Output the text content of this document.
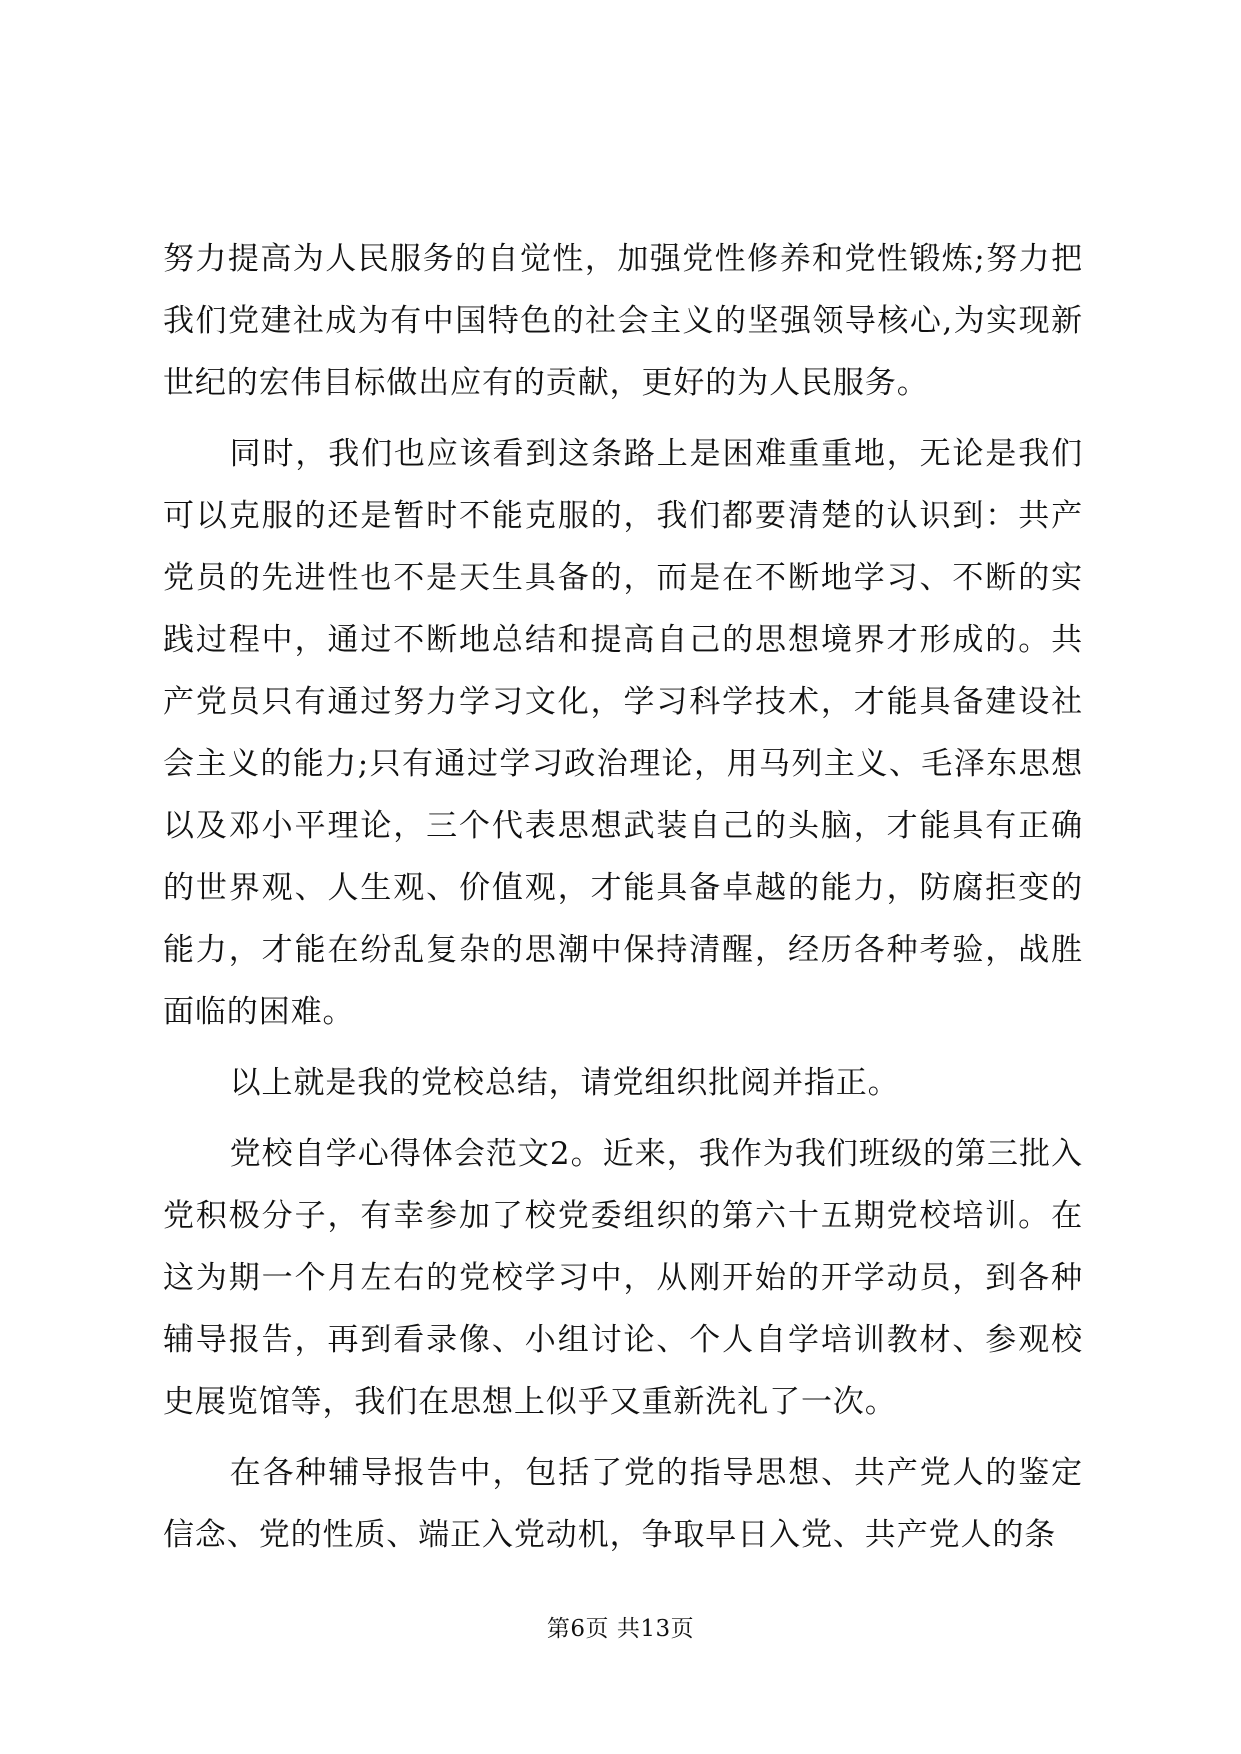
努力提高为人民服务的自觉性，加强党性修养和党性锻炼;努力把我们党建社成为有中国特色的社会主义的坚强领导核心,为实现新世纪的宏伟目标做出应有的贡献，更好的为人民服务。

同时，我们也应该看到这条路上是困难重重地，无论是我们可以克服的还是暂时不能克服的，我们都要清楚的认识到：共产党员的先进性也不是天生具备的，而是在不断地学习、不断的实践过程中，通过不断地总结和提高自己的思想境界才形成的。共产党员只有通过努力学习文化，学习科学技术，才能具备建设社会主义的能力;只有通过学习政治理论，用马列主义、毛泽东思想以及邓小平理论，三个代表思想武装自己的头脑，才能具有正确的世界观、人生观、价值观，才能具备卓越的能力，防腐拒变的能力，才能在纷乱复杂的思潮中保持清醒，经历各种考验，战胜面临的困难。

以上就是我的党校总结，请党组织批阅并指正。

党校自学心得体会范文2。近来，我作为我们班级的第三批入党积极分子，有幸参加了校党委组织的第六十五期党校培训。在这为期一个月左右的党校学习中，从刚开始的开学动员，到各种辅导报告，再到看录像、小组讨论、个人自学培训教材、参观校史展览馆等，我们在思想上似乎又重新洗礼了一次。

在各种辅导报告中，包括了党的指导思想、共产党人的鉴定信念、党的性质、端正入党动机，争取早日入党、共产党人的条

第6页 共13页
